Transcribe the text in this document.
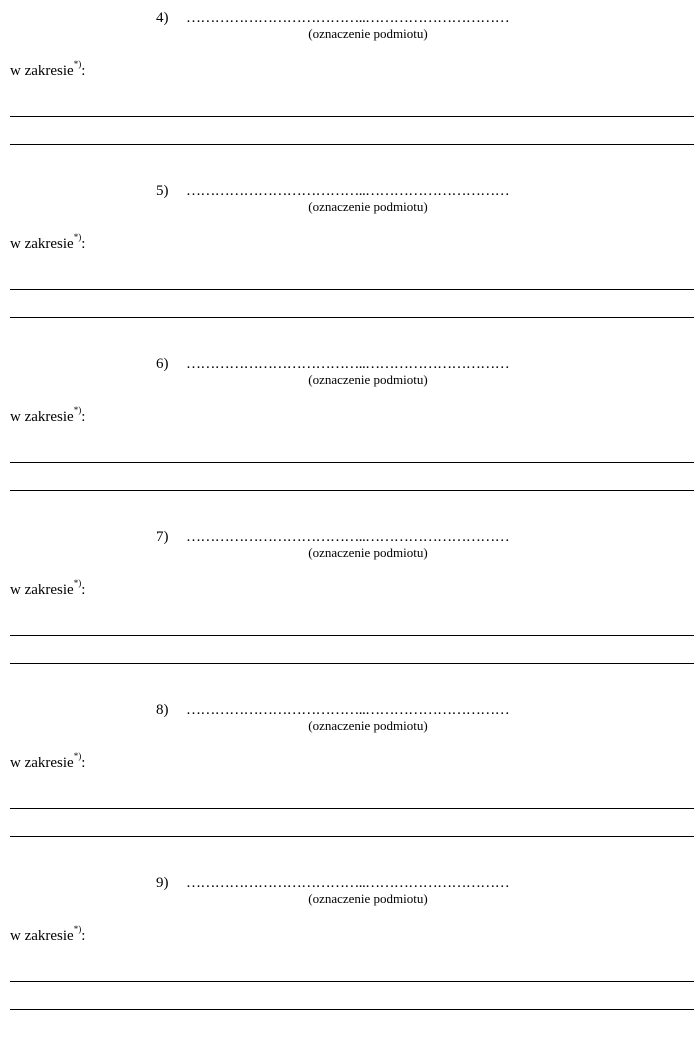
4) ………………………………..…………………………
(oznaczenie podmiotu)
w zakresie*):
5) ………………………………..…………………………
(oznaczenie podmiotu)
w zakresie*):
6) ………………………………..…………………………
(oznaczenie podmiotu)
w zakresie*):
7) ………………………………..…………………………
(oznaczenie podmiotu)
w zakresie*):
8) ………………………………..…………………………
(oznaczenie podmiotu)
w zakresie*):
9) ………………………………..…………………………
(oznaczenie podmiotu)
w zakresie*):
